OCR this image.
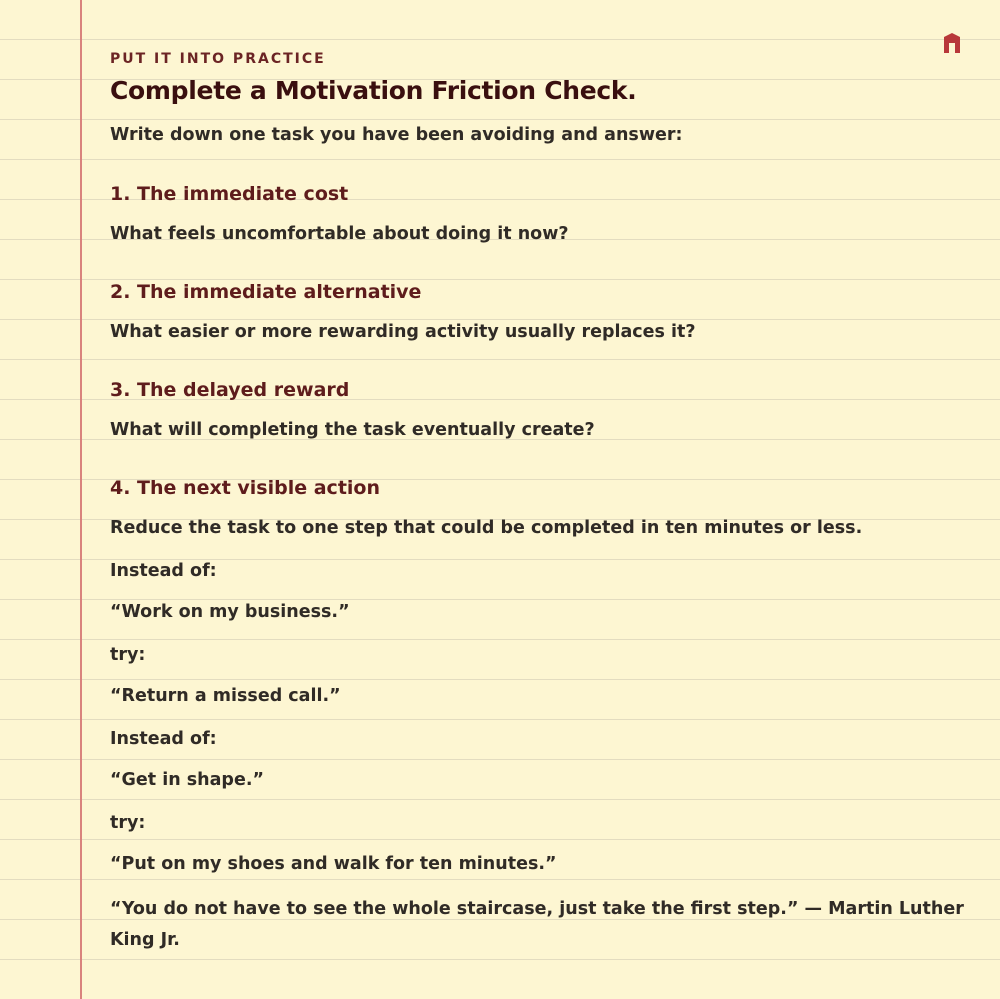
PUT IT INTO PRACTICE
Complete a Motivation Friction Check.
Write down one task you have been avoiding and answer:
1. The immediate cost
What feels uncomfortable about doing it now?
2. The immediate alternative
What easier or more rewarding activity usually replaces it?
3. The delayed reward
What will completing the task eventually create?
4. The next visible action
Reduce the task to one step that could be completed in ten minutes or less.
Instead of:
“Work on my business.”
try:
“Return a missed call.”
Instead of:
“Get in shape.”
try:
“Put on my shoes and walk for ten minutes.”
“You do not have to see the whole staircase, just take the first step.” — Martin Luther King Jr.
